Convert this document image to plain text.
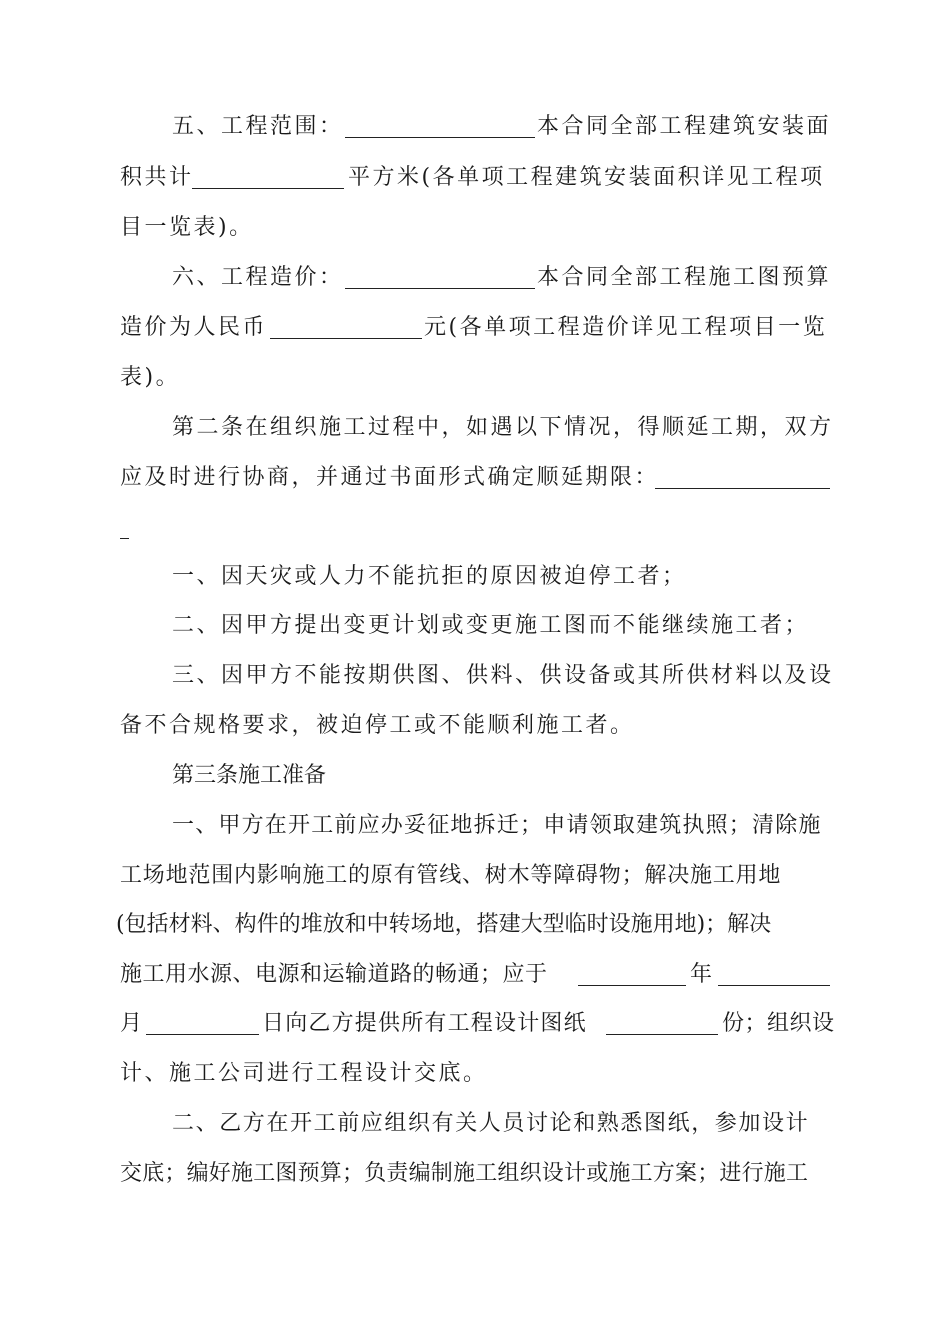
五、工程范围：	本合同全部工程建筑安装面
积共计	平方米(各单项工程建筑安装面积详见工程项
目一览表)。
六、工程造价：	本合同全部工程施工图预算
造价为人民币	元(各单项工程造价详见工程项目一览
表)。
第二条在组织施工过程中，如遇以下情况，得顺延工期，双方
应及时进行协商，并通过书面形式确定顺延期限：
一、因天灾或人力不能抗拒的原因被迫停工者；
二、因甲方提出变更计划或变更施工图而不能继续施工者；
三、因甲方不能按期供图、供料、供设备或其所供材料以及设
备不合规格要求，被迫停工或不能顺利施工者。
第三条施工准备
一、甲方在开工前应办妥征地拆迁；申请领取建筑执照；清除施
工场地范围内影响施工的原有管线、树木等障碍物；解决施工用地
(包括材料、构件的堆放和中转场地，搭建大型临时设施用地)；解决
施工用水源、电源和运输道路的畅通；应于	年
月	日向乙方提供所有工程设计图纸	份；组织设
计、施工公司进行工程设计交底。
二、乙方在开工前应组织有关人员讨论和熟悉图纸，参加设计
交底；编好施工图预算；负责编制施工组织设计或施工方案；进行施工
